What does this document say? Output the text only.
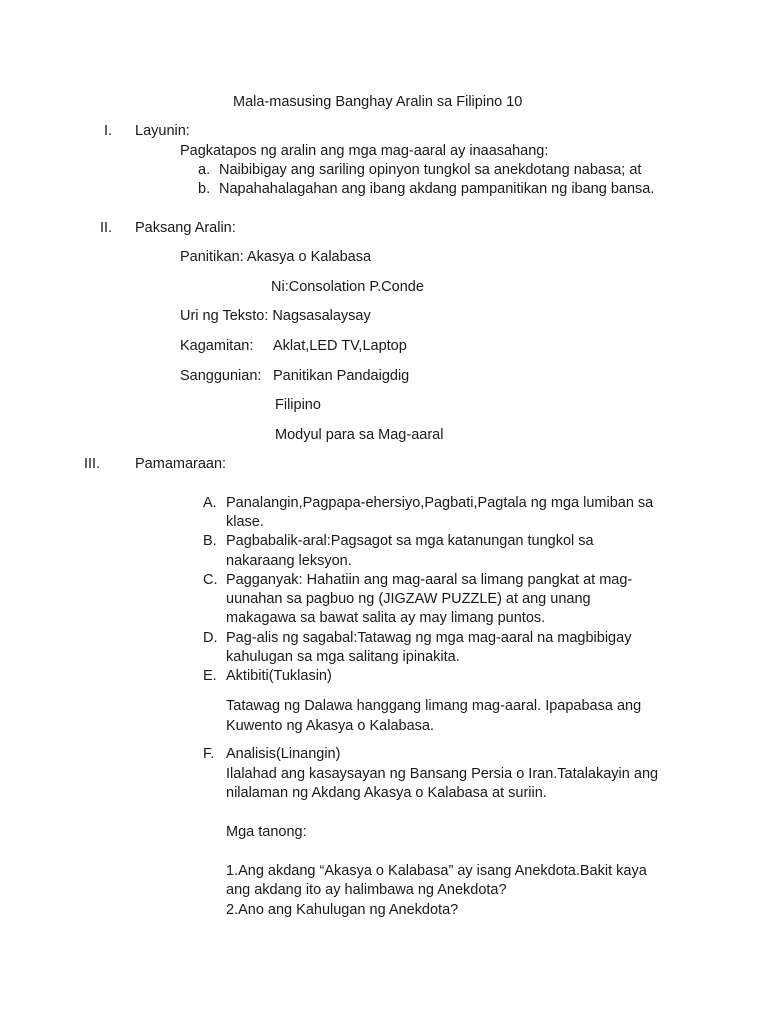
Mala-masusing Banghay Aralin sa Filipino 10
I. Layunin:
Pagkatapos ng aralin ang mga mag-aaral ay inaasahang:
a. Naibibigay ang sariling opinyon tungkol sa anekdotang nabasa; at
b. Napahahalagahan ang ibang akdang pampanitikan ng ibang bansa.
II. Paksang Aralin:
Panitikan: Akasya o Kalabasa
Ni:Consolation P.Conde
Uri ng Teksto: Nagsasalaysay
Kagamitan: Aklat,LED TV,Laptop
Sanggunian: Panitikan Pandaigdig
Filipino
Modyul para sa Mag-aaral
III. Pamamaraan:
A. Panalangin,Pagpapa-ehersiyo,Pagbati,Pagtala ng mga lumiban sa
klase.
B. Pagbabalik-aral:Pagsagot sa mga katanungan tungkol sa
nakaraang leksyon.
C. Pagganyak: Hahatiin ang mag-aaral sa limang pangkat at mag-
uunahan sa pagbuo ng (JIGZAW PUZZLE) at ang unang
makagawa sa bawat salita ay may limang puntos.
D. Pag-alis ng sagabal:Tatawag ng mga mag-aaral na magbibigay
kahulugan sa mga salitang ipinakita.
E. Aktibiti(Tuklasin)
Tatawag ng Dalawa hanggang limang mag-aaral. Ipapabasa ang
Kuwento ng Akasya o Kalabasa.
F. Analisis(Linangin)
Ilalahad ang kasaysayan ng Bansang Persia o Iran.Tatalakayin ang
nilalaman ng Akdang Akasya o Kalabasa at suriin.
Mga tanong:
1.Ang akdang “Akasya o Kalabasa” ay isang Anekdota.Bakit kaya
ang akdang ito ay halimbawa ng Anekdota?
2.Ano ang Kahulugan ng Anekdota?
